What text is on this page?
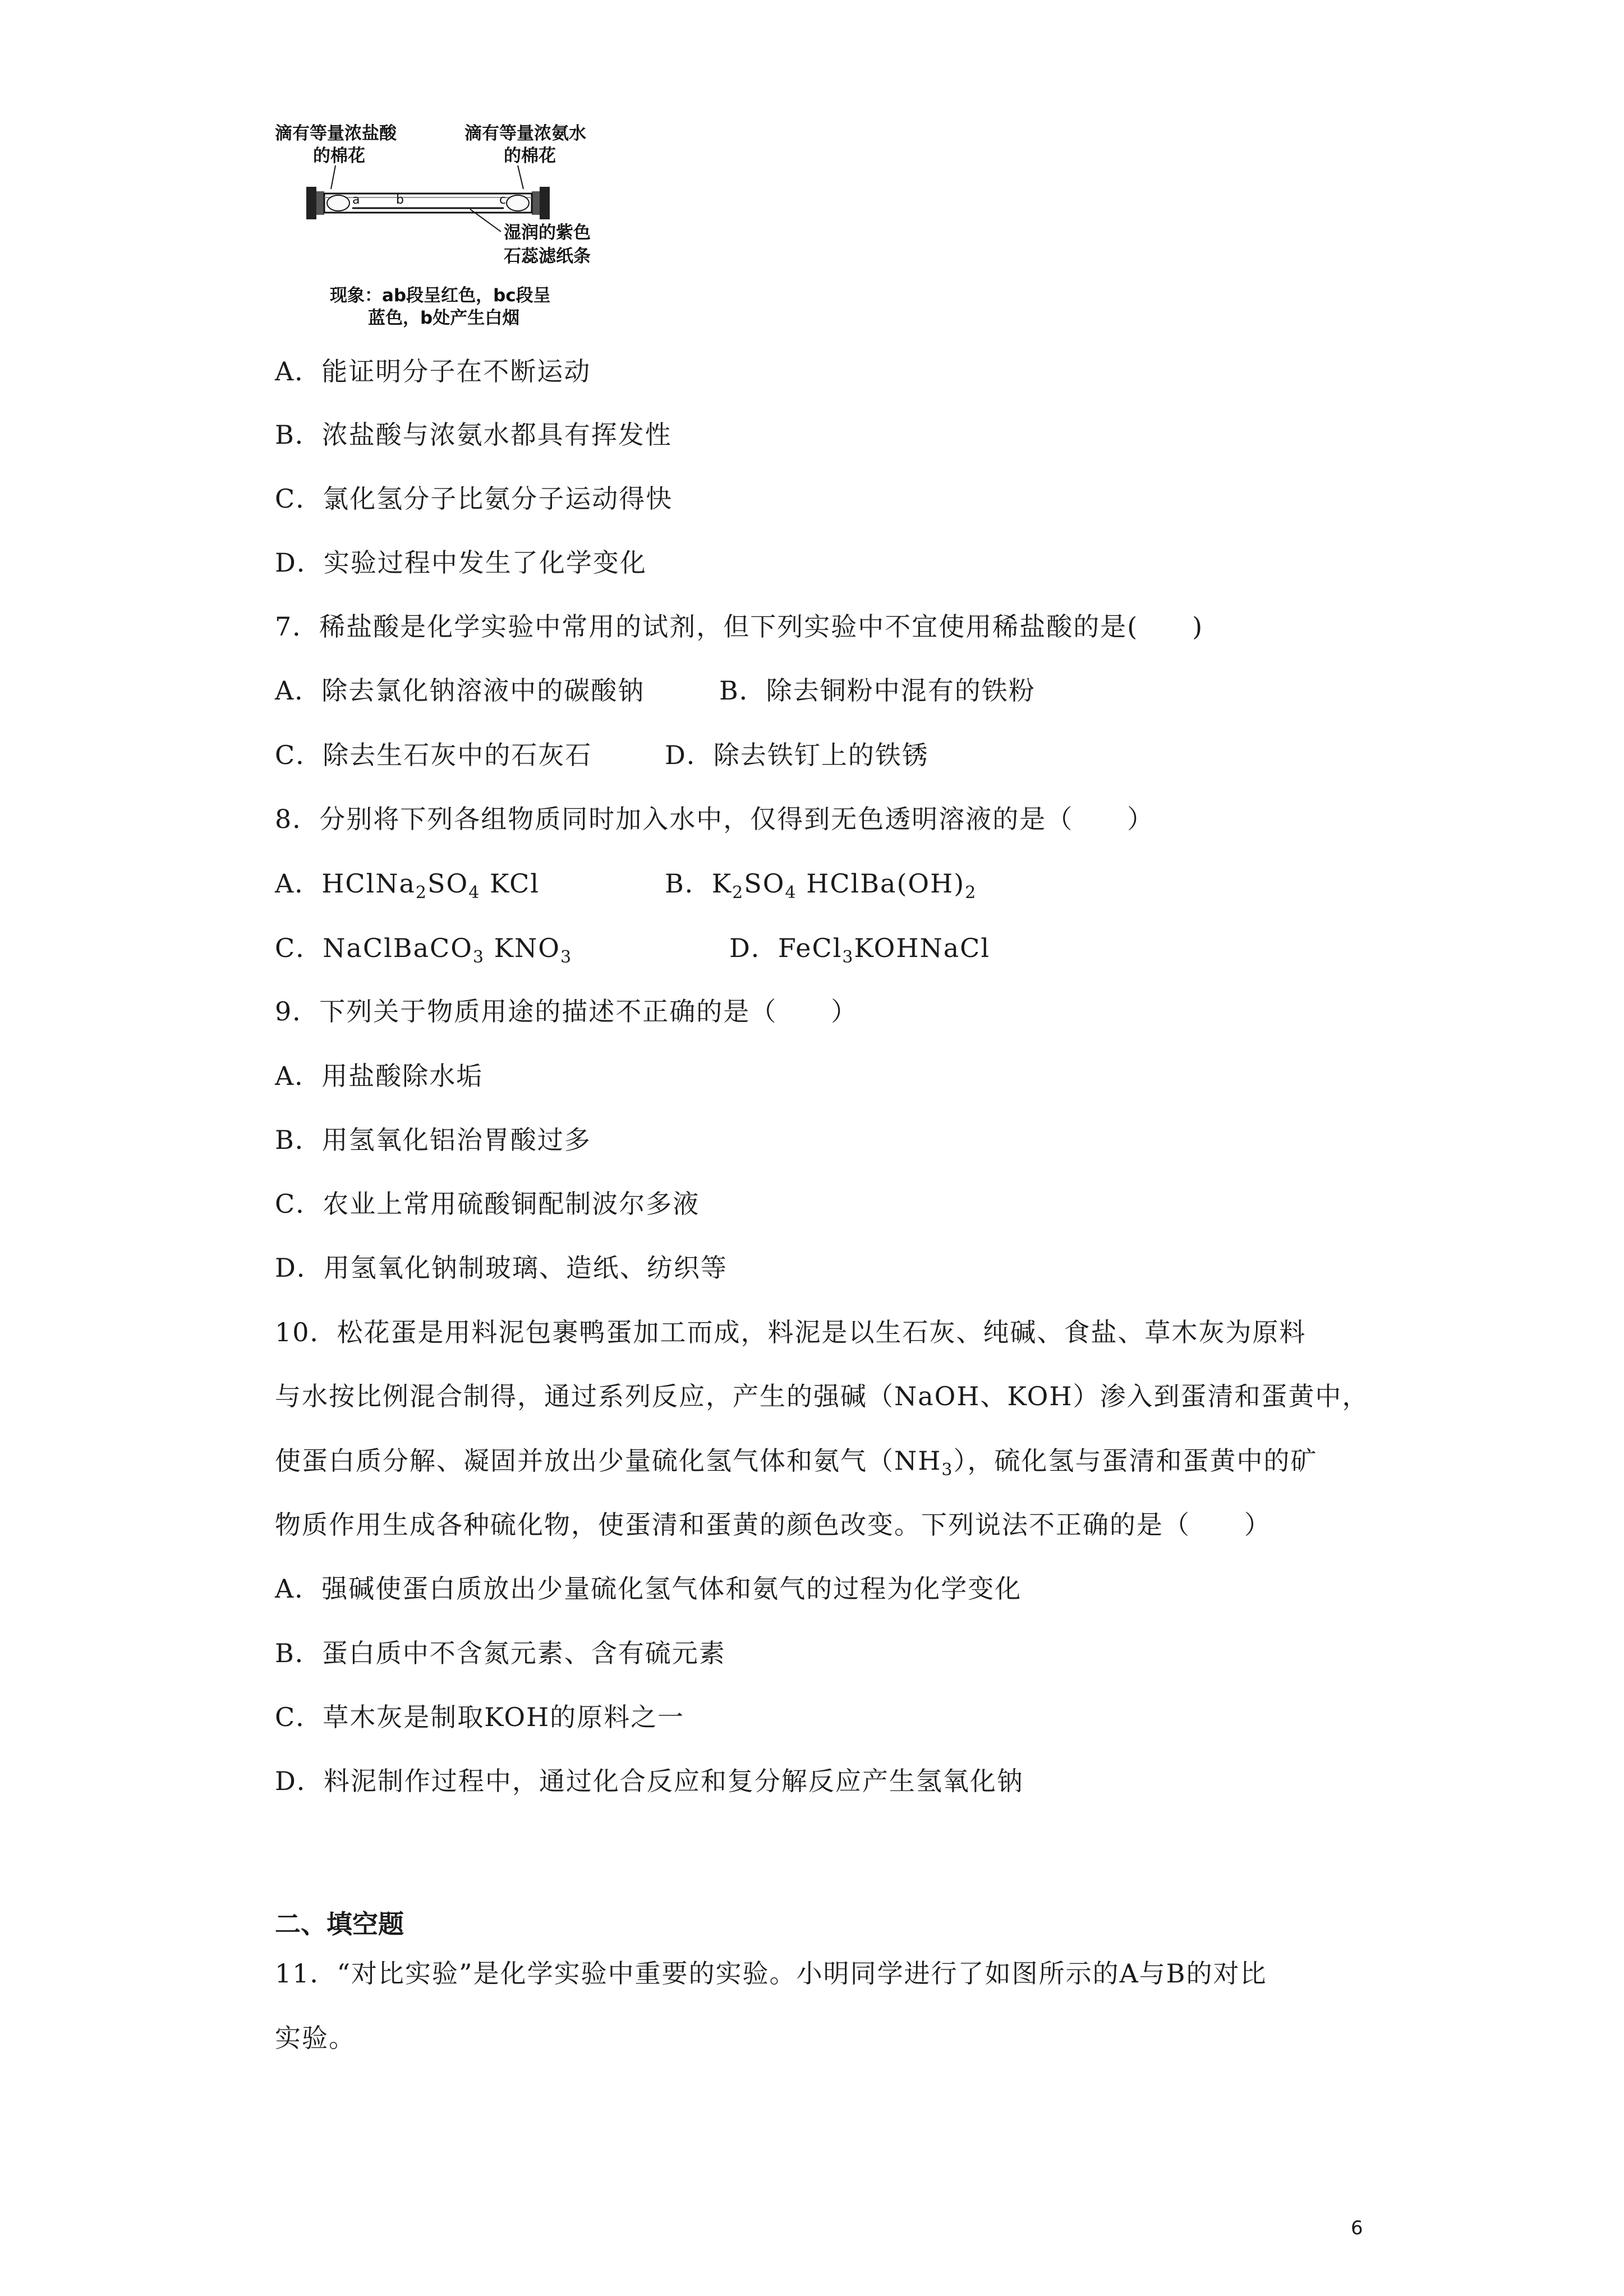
滴有等量浓盐酸	滴有等量浓氨水
的棉花	的棉花
a	b	c
湿润的紫色
石蕊滤纸条
现象：ab段呈红色，bc段呈
蓝色，b处产生白烟
A．能证明分子在不断运动
B．浓盐酸与浓氨水都具有挥发性
C．氯化氢分子比氨分子运动得快
D．实验过程中发生了化学变化
7．稀盐酸是化学实验中常用的试剂，但下列实验中不宜使用稀盐酸的是(　　)
A．除去氯化钠溶液中的碳酸钠	B．除去铜粉中混有的铁粉
C．除去生石灰中的石灰石	D．除去铁钉上的铁锈
8．分别将下列各组物质同时加入水中，仅得到无色透明溶液的是（　　）
A．$HClNa_2SO_4$ KCl	B．$K_2SO_4$ $HClBa(OH)_2$
C．NaClBaCO$_3$ $KNO_3$	D．FeCl$_3$KOHNaCl
9．下列关于物质用途的描述不正确的是（　　）
A．用盐酸除水垢
B．用氢氧化铝治胃酸过多
C．农业上常用硫酸铜配制波尔多液
D．用氢氧化钠制玻璃、造纸、纺织等
10．松花蛋是用料泥包裹鸭蛋加工而成，料泥是以生石灰、纯碱、食盐、草木灰为原料
与水按比例混合制得，通过系列反应，产生的强碱（NaOH、KOH）渗入到蛋清和蛋黄中，
使蛋白质分解、凝固并放出少量硫化氢气体和氨气$(NH_3)$，硫化氢与蛋清和蛋黄中的矿
物质作用生成各种硫化物，使蛋清和蛋黄的颜色改变。下列说法不正确的是（　　）
A．强碱使蛋白质放出少量硫化氢气体和氨气的过程为化学变化
B．蛋白质中不含氮元素、含有硫元素
C．草木灰是制取KOH的原料之一
D．料泥制作过程中，通过化合反应和复分解反应产生氢氧化钠
二、填空题
11．“对比实验”是化学实验中重要的实验。小明同学进行了如图所示的A与B的对比
实验。
6
